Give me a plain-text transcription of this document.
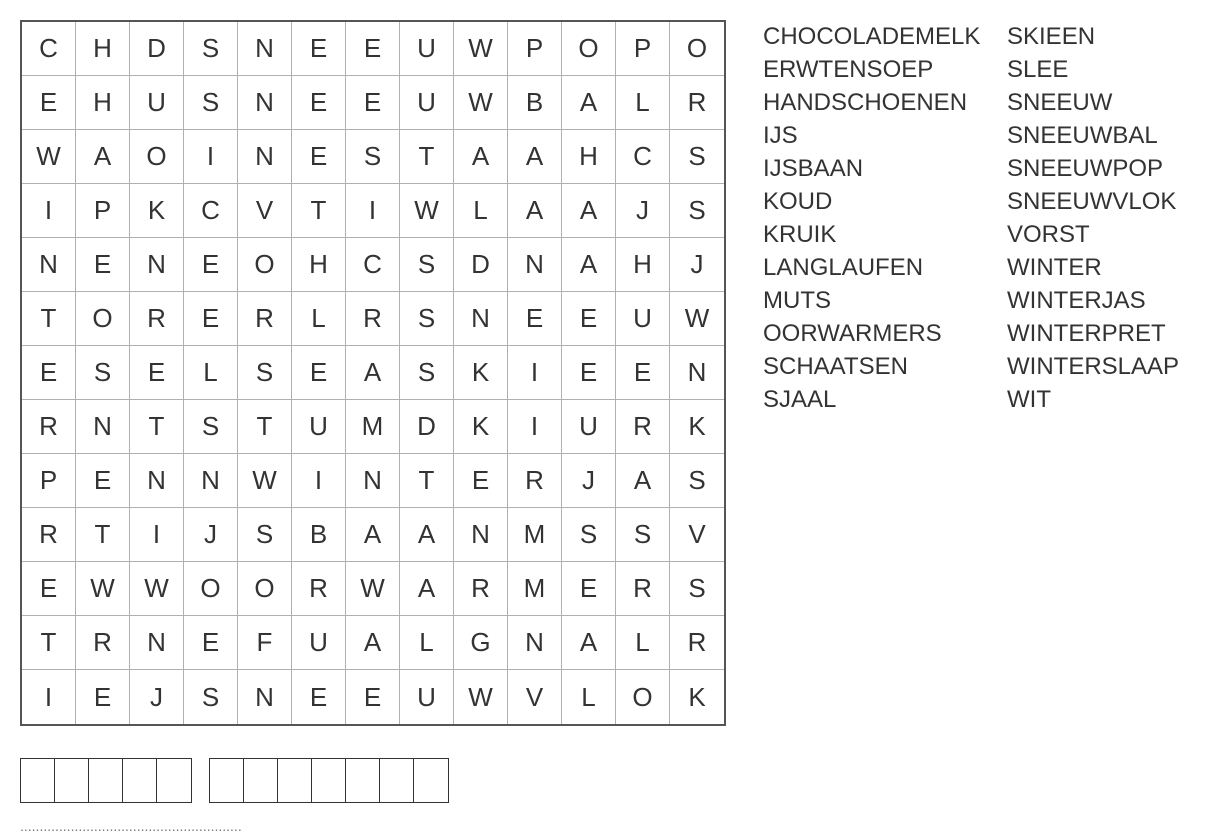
C	H	D	S	N	E	E	U	W	P	O	P	O
E	H	U	S	N	E	E	U	W	B	A	L	R
W	A	O	I	N	E	S	T	A	A	H	C	S
I	P	K	C	V	T	I	W	L	A	A	J	S
N	E	N	E	O	H	C	S	D	N	A	H	J
T	O	R	E	R	L	R	S	N	E	E	U	W
E	S	E	L	S	E	A	S	K	I	E	E	N
R	N	T	S	T	U	M	D	K	I	U	R	K
P	E	N	N	W	I	N	T	E	R	J	A	S
R	T	I	J	S	B	A	A	N	M	S	S	V
E	W	W	O	O	R	W	A	R	M	E	R	S
T	R	N	E	F	U	A	L	G	N	A	L	R
I	E	J	S	N	E	E	U	W	V	L	O	K
CHOCOLADEMELK
ERWTENSOEP
HANDSCHOENEN
IJS
IJSBAAN
KOUD
KRUIK
LANGLAUFEN
MUTS
OORWARMERS
SCHAATSEN
SJAAL
SKIEEN
SLEE
SNEEUW
SNEEUWBAL
SNEEUWPOP
SNEEUWVLOK
VORST
WINTER
WINTERJAS
WINTERPRET
WINTERSLAAP
WIT
.........................................................
